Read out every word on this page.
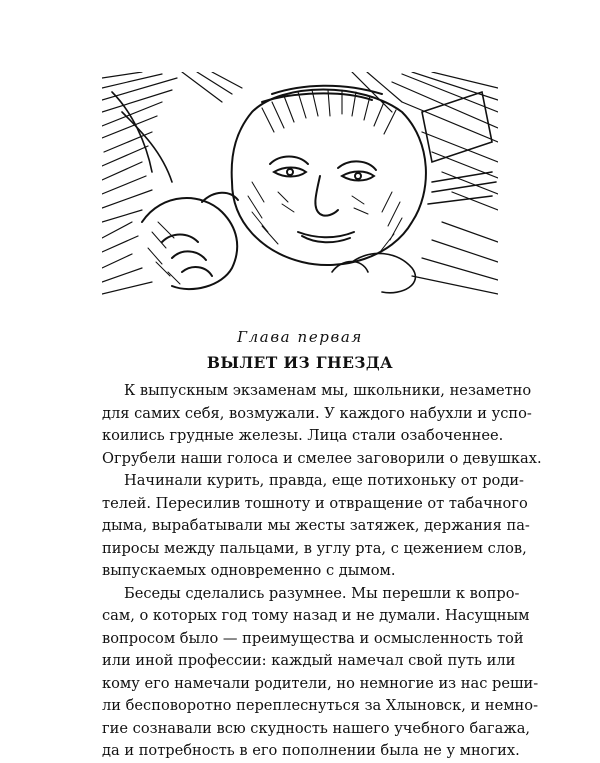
Глава первая
ВЫЛЕТ ИЗ ГНЕЗДА
К выпускным экзаменам мы, школьники, незаметно
для самих себя, возмужали. У каждого набухли и успо-
коились грудные железы. Лица стали озабоченнее.
Огрубели наши голоса и смелее заговорили о девушках.
Начинали курить, правда, еще потихоньку от роди-
телей. Пересилив тошноту и отвращение от табачного
дыма, вырабатывали мы жесты затяжек, держания па-
пиросы между пальцами, в углу рта, с цежением слов,
выпускаемых одновременно с дымом.
Беседы сделались разумнее. Мы перешли к вопро-
сам, о которых год тому назад и не думали. Насущным
вопросом было — преимущества и осмысленность той
или иной профессии: каждый намечал свой путь или
кому его намечали родители, но немногие из нас реши-
ли бесповоротно переплеснуться за Хлыновск, и немно-
гие сознавали всю скудность нашего учебного багажа,
да и потребность в его пополнении была не у многих.
